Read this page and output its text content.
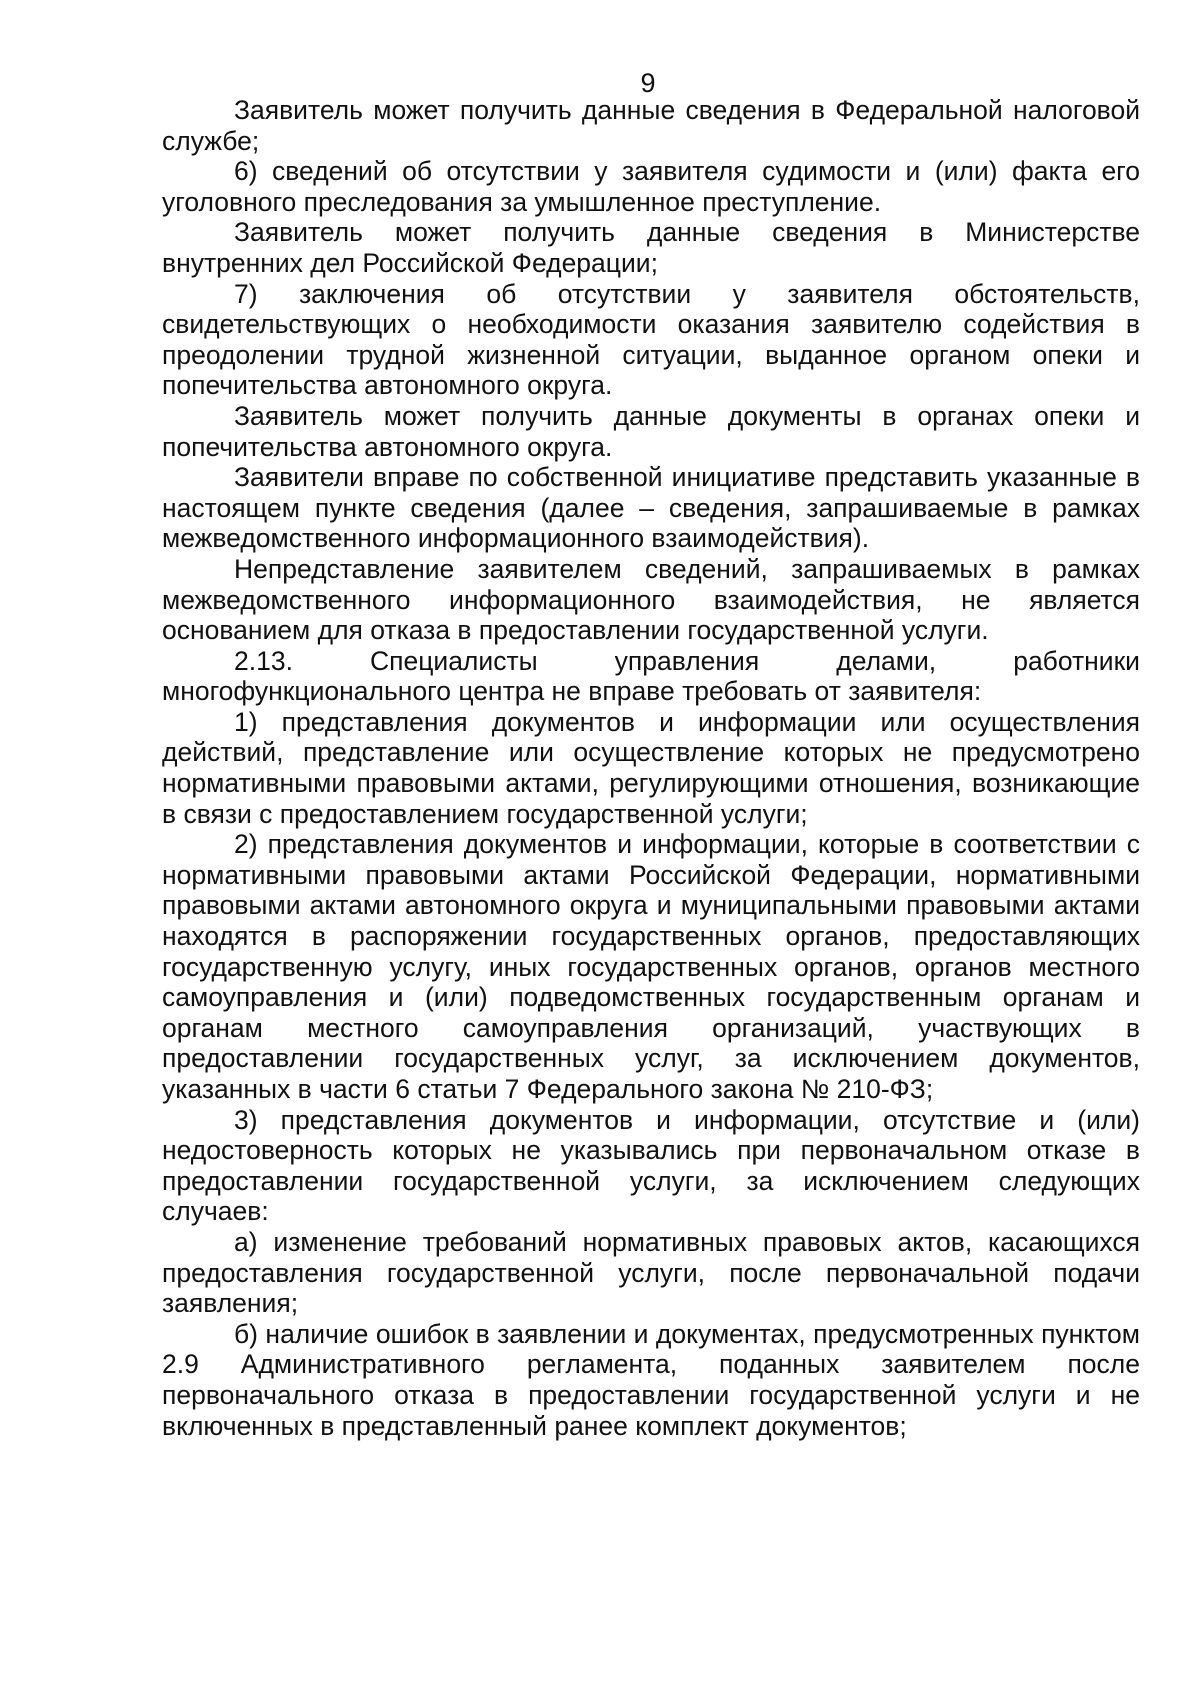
9

Заявитель может получить данные сведения в Федеральной налоговой службе;

6) сведений об отсутствии у заявителя судимости и (или) факта его уголовного преследования за умышленное преступление.

Заявитель может получить данные сведения в Министерстве внутренних дел Российской Федерации;

7) заключения об отсутствии у заявителя обстоятельств, свидетельствующих о необходимости оказания заявителю содействия в преодолении трудной жизненной ситуации, выданное органом опеки и попечительства автономного округа.

Заявитель может получить данные документы в органах опеки и попечительства автономного округа.

Заявители вправе по собственной инициативе представить указанные в настоящем пункте сведения (далее – сведения, запрашиваемые в рамках межведомственного информационного взаимодействия).

Непредставление заявителем сведений, запрашиваемых в рамках межведомственного информационного взаимодействия, не является основанием для отказа в предоставлении государственной услуги.

2.13. Специалисты управления делами, работники многофункционального центра не вправе требовать от заявителя:

1) представления документов и информации или осуществления действий, представление или осуществление которых не предусмотрено нормативными правовыми актами, регулирующими отношения, возникающие в связи с предоставлением государственной услуги;

2) представления документов и информации, которые в соответствии с нормативными правовыми актами Российской Федерации, нормативными правовыми актами автономного округа и муниципальными правовыми актами находятся в распоряжении государственных органов, предоставляющих государственную услугу, иных государственных органов, органов местного самоуправления и (или) подведомственных государственным органам и органам местного самоуправления организаций, участвующих в предоставлении государственных услуг, за исключением документов, указанных в части 6 статьи 7 Федерального закона № 210-ФЗ;

3) представления документов и информации, отсутствие и (или) недостоверность которых не указывались при первоначальном отказе в предоставлении государственной услуги, за исключением следующих случаев:

а) изменение требований нормативных правовых актов, касающихся предоставления государственной услуги, после первоначальной подачи заявления;

б) наличие ошибок в заявлении и документах, предусмотренных пунктом 2.9 Административного регламента, поданных заявителем после первоначального отказа в предоставлении государственной услуги и не включенных в представленный ранее комплект документов;
